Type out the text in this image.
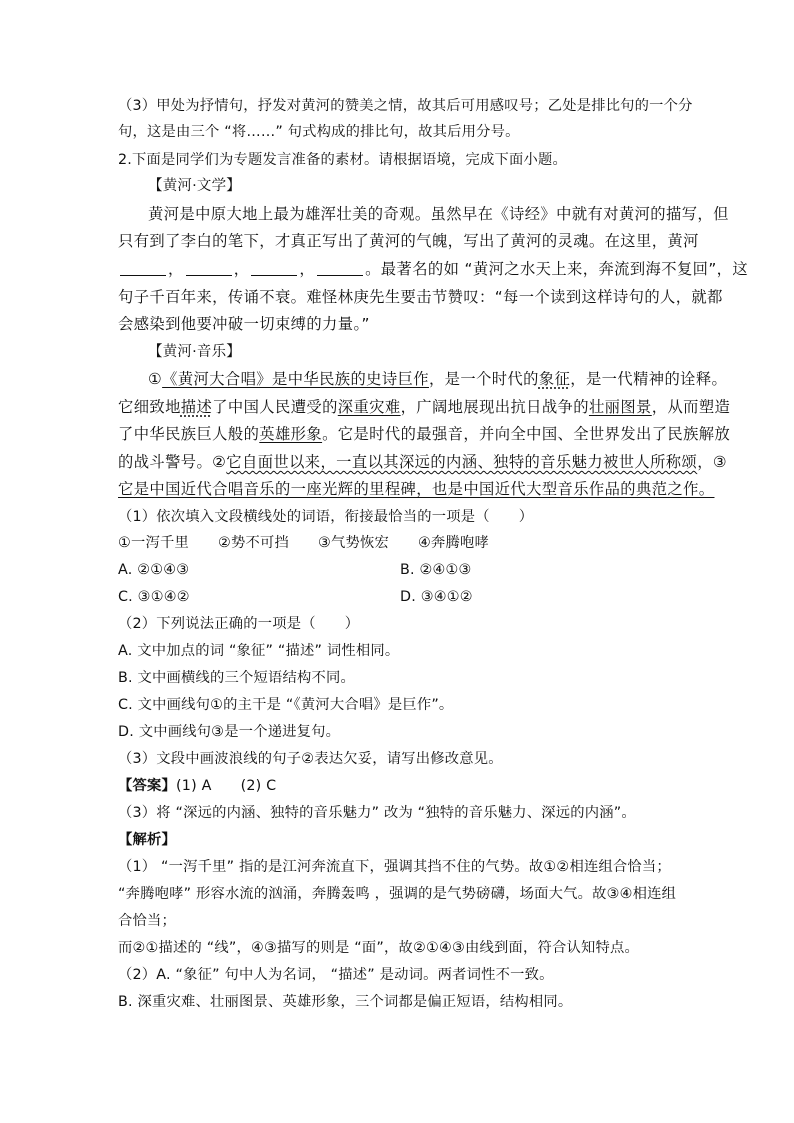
（3）甲处为抒情句，抒发对黄河的赞美之情，故其后可用感叹号；乙处是排比句的一个分
句，这是由三个 “将……” 句式构成的排比句，故其后用分号。
2.下面是同学们为专题发言准备的素材。请根据语境，完成下面小题。
【黄河·文学】
黄河是中原大地上最为雄浑壮美的奇观。虽然早在《诗经》中就有对黄河的描写，但
只有到了李白的笔下，才真正写出了黄河的气魄，写出了黄河的灵魂。在这里，黄河
，	，	，	。最著名的如 “黄河之水天上来，奔流到海不复回”，这
句子千百年来，传诵不衰。难怪林庚先生要击节赞叹：“每一个读到这样诗句的人，就都
会感染到他要冲破一切束缚的力量。”
【黄河·音乐】
①《黄河大合唱》是中华民族的史诗巨作，是一个时代的象征，是一代精神的诠释。
它细致地描述了中国人民遭受的深重灾难，广阔地展现出抗日战争的壮丽图景，从而塑造
了中华民族巨人般的英雄形象。它是时代的最强音，并向全中国、全世界发出了民族解放
的战斗警号。②它自面世以来，一直以其深远的内涵、独特的音乐魅力被世人所称颂，③
它是中国近代合唱音乐的一座光辉的里程碑，也是中国近代大型音乐作品的典范之作。
（1）依次填入文段横线处的词语，衔接最恰当的一项是（　　）
①一泻千里　　②势不可挡　　③气势恢宏　　④奔腾咆哮
A. ②①④③	B. ②④①③
C. ③①④②	D. ③④①②
（2）下列说法正确的一项是（　　）
A. 文中加点的词 “象征” “描述” 词性相同。
B. 文中画横线的三个短语结构不同。
C. 文中画线句①的主干是 “《黄河大合唱》是巨作”。
D. 文中画线句③是一个递进复句。
（3）文段中画波浪线的句子②表达欠妥，请写出修改意见。
【答案】(1) A　　(2) C
（3）将 “深远的内涵、独特的音乐魅力” 改为 “独特的音乐魅力、深远的内涵”。
【解析】
（1） “一泻千里” 指的是江河奔流直下，强调其挡不住的气势。故①②相连组合恰当；
“奔腾咆哮” 形容水流的汹涌，奔腾轰鸣 ，强调的是气势磅礴，场面大气。故③④相连组
合恰当；
而②①描述的 “线”，④③描写的则是 “面”，故②①④③由线到面，符合认知特点。
（2）A. “象征” 句中人为名词， “描述” 是动词。两者词性不一致。
B. 深重灾难、壮丽图景、英雄形象，三个词都是偏正短语，结构相同。
